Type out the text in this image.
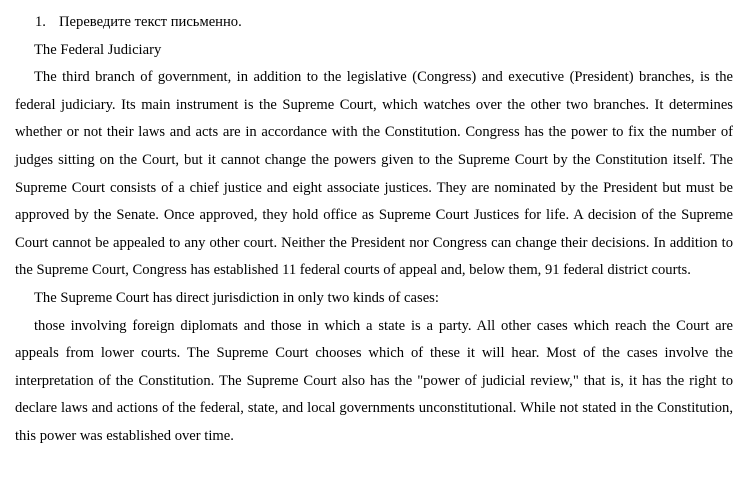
1. Переведите текст письменно.

The Federal Judiciary

The third branch of government, in addition to the legislative (Congress) and executive (President) branches, is the federal judiciary. Its main instrument is the Supreme Court, which watches over the other two branches. It determines whether or not their laws and acts are in accordance with the Constitution. Congress has the power to fix the number of judges sitting on the Court, but it cannot change the powers given to the Supreme Court by the Constitution itself. The Supreme Court consists of a chief justice and eight associate justices. They are nominated by the President but must be approved by the Senate. Once approved, they hold office as Supreme Court Justices for life. A decision of the Supreme Court cannot be appealed to any other court. Neither the President nor Congress can change their decisions. In addition to the Supreme Court, Congress has established 11 federal courts of appeal and, below them, 91 federal district courts.

The Supreme Court has direct jurisdiction in only two kinds of cases:

those involving foreign diplomats and those in which a state is a party. All other cases which reach the Court are appeals from lower courts. The Supreme Court chooses which of these it will hear. Most of the cases involve the interpretation of the Constitution. The Supreme Court also has the "power of judicial review," that is, it has the right to declare laws and actions of the federal, state, and local governments unconstitutional. While not stated in the Constitution, this power was established over time.
